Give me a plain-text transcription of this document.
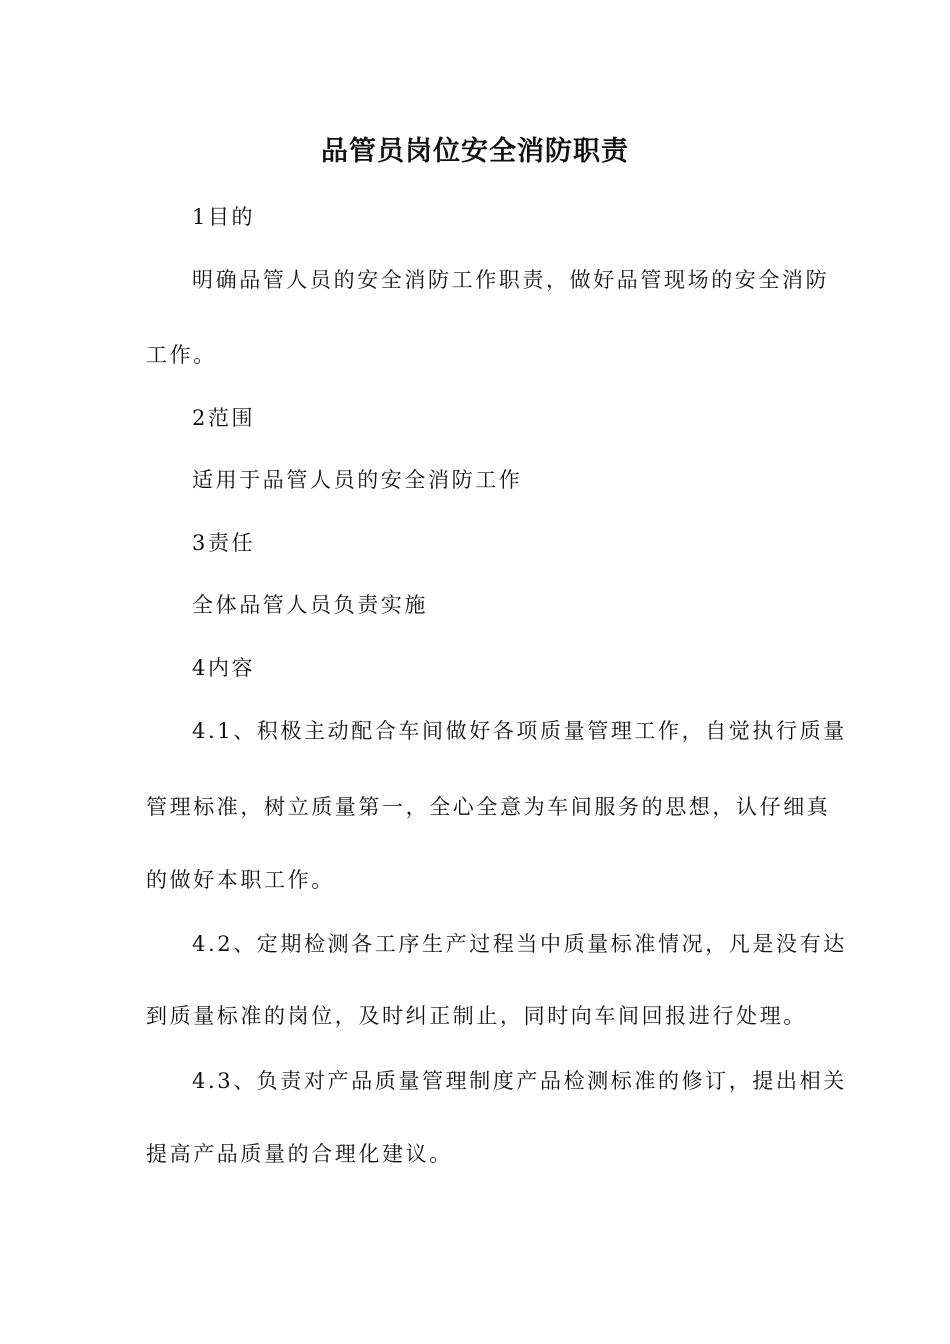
品管员岗位安全消防职责
1目的
明确品管人员的安全消防工作职责，做好品管现场的安全消防
工作。
2范围
适用于品管人员的安全消防工作
3责任
全体品管人员负责实施
4内容
4.1、积极主动配合车间做好各项质量管理工作，自觉执行质量
管理标准，树立质量第一，全心全意为车间服务的思想，认仔细真
的做好本职工作。
4.2、定期检测各工序生产过程当中质量标准情况，凡是没有达
到质量标准的岗位，及时纠正制止，同时向车间回报进行处理。
4.3、负责对产品质量管理制度产品检测标准的修订，提出相关
提高产品质量的合理化建议。
